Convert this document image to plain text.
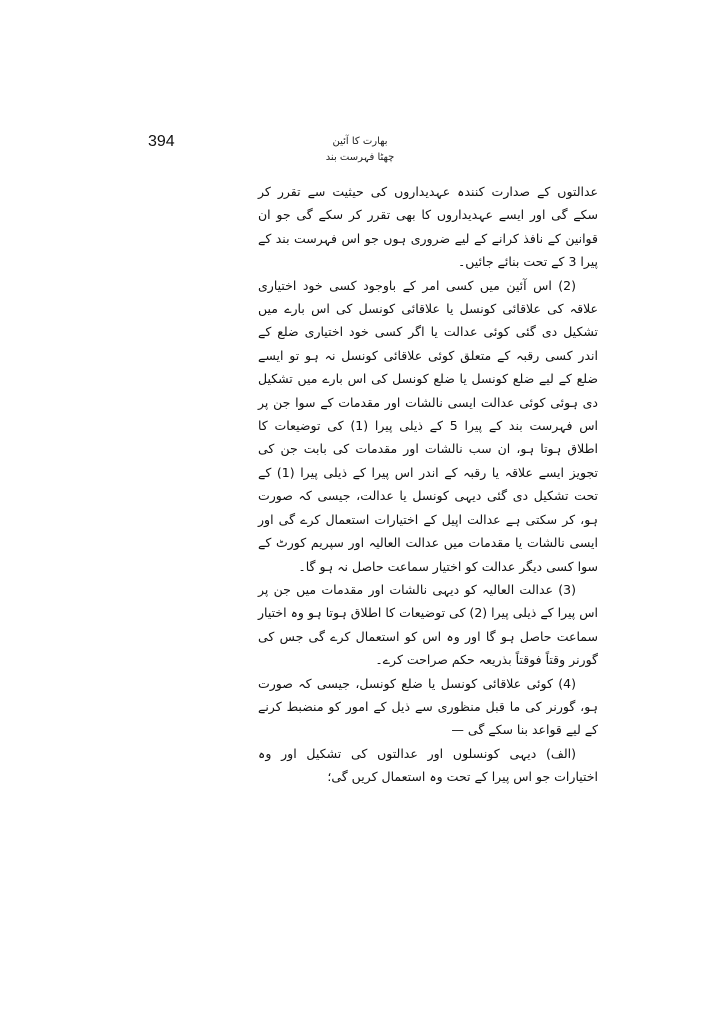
394	بھارت کا آئین
چھٹا فہرست بند

عدالتوں کے صدارت کنندہ عہدیداروں کی حیثیت سے تقرر کر سکے گی اور ایسے عہدیداروں کا بھی تقرر کر سکے گی جو ان قوانین کے نافذ کرانے کے لیے ضروری ہوں جو اس فہرست بند کے پیرا 3 کے تحت بنائے جائیں۔

(2) اس آئین میں کسی امر کے باوجود کسی خود اختیاری علاقہ کی علاقائی کونسل یا علاقائی کونسل کی اس بارے میں تشکیل دی گئی کوئی عدالت یا اگر کسی خود اختیاری ضلع کے اندر کسی رقبہ کے متعلق کوئی علاقائی کونسل نہ ہو تو ایسے ضلع کے لیے ضلع کونسل یا ضلع کونسل کی اس بارے میں تشکیل دی ہوئی کوئی عدالت ایسی نالشات اور مقدمات کے سوا جن پر اس فہرست بند کے پیرا 5 کے ذیلی پیرا (1) کی توضیعات کا اطلاق ہوتا ہو، ان سب نالشات اور مقدمات کی بابت جن کی تجویز ایسے علاقہ یا رقبہ کے اندر اس پیرا کے ذیلی پیرا (1) کے تحت تشکیل دی گئی دیہی کونسل یا عدالت، جیسی کہ صورت ہو، کر سکتی ہے عدالت اپیل کے اختیارات استعمال کرے گی اور ایسی نالشات یا مقدمات میں عدالت العالیہ اور سپریم کورٹ کے سوا کسی دیگر عدالت کو اختیار سماعت حاصل نہ ہو گا۔

(3) عدالت العالیہ کو دیہی نالشات اور مقدمات میں جن پر اس پیرا کے ذیلی پیرا (2) کی توضیعات کا اطلاق ہوتا ہو وہ اختیار سماعت حاصل ہو گا اور وہ اس کو استعمال کرے گی جس کی گورنر وقتاً فوقتاً بذریعہ حکم صراحت کرے۔

(4) کوئی علاقائی کونسل یا ضلع کونسل، جیسی کہ صورت ہو، گورنر کی ما قبل منظوری سے ذیل کے امور کو منضبط کرنے کے لیے قواعد بنا سکے گی —

(الف) دیہی کونسلوں اور عدالتوں کی تشکیل اور وہ اختیارات جو اس پیرا کے تحت وہ استعمال کریں گی؛
